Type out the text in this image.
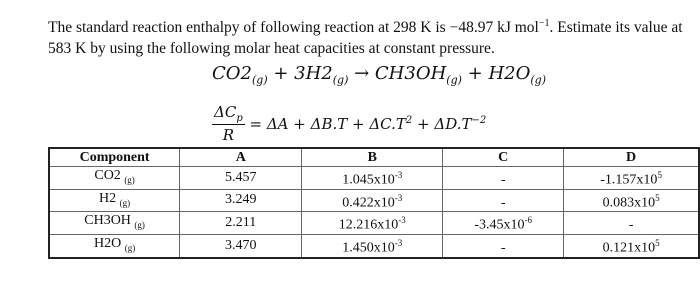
The standard reaction enthalpy of following reaction at 298 K is −48.97 kJ mol$^{-1}$. Estimate its value at 583 K by using the following molar heat capacities at constant pressure.
$CO2_{(g)} + 3H2_{(g)} \to CH3OH_{(g)} + H2O_{(g)}$
$\frac{\Delta C_p}{R} = \Delta A + \Delta B.T + \Delta C.T^2 + \Delta D.T^{-2}$
Component	A	B	C	D
CO2 $_{(g)}$	5.457	$1.045x10^{-3}$	-	$-1.157x10^5$
H2 $_{(g)}$	3.249	$0.422x10^{-3}$	-	$0.083x10^5$
CH3OH $_{(g)}$	2.211	$12.216x10^{-3}$	$-3.45x10^{-6}$	-
H2O $_{(g)}$	3.470	$1.450x10^{-3}$	-	$0.121x10^5$
